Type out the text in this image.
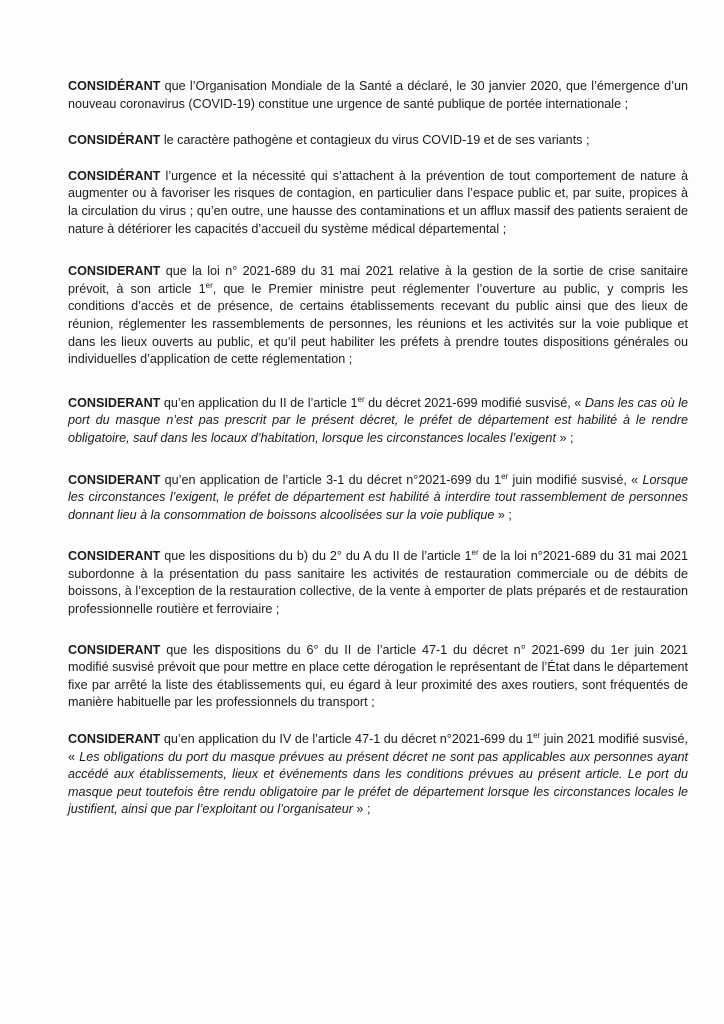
CONSIDÉRANT que l’Organisation Mondiale de la Santé a déclaré, le 30 janvier 2020, que l’émergence d’un nouveau coronavirus (COVID-19) constitue une urgence de santé publique de portée internationale ;

CONSIDÉRANT le caractère pathogène et contagieux du virus COVID-19 et de ses variants ;

CONSIDÉRANT l’urgence et la nécessité qui s’attachent à la prévention de tout comportement de nature à augmenter ou à favoriser les risques de contagion, en particulier dans l’espace public et, par suite, propices à la circulation du virus ; qu’en outre, une hausse des contaminations et un afflux massif des patients seraient de nature à détériorer les capacités d’accueil du système médical départemental ;

CONSIDERANT que la loi n° 2021-689 du 31 mai 2021 relative à la gestion de la sortie de crise sanitaire prévoit, à son article 1er, que le Premier ministre peut réglementer l’ouverture au public, y compris les conditions d’accès et de présence, de certains établissements recevant du public ainsi que des lieux de réunion, réglementer les rassemblements de personnes, les réunions et les activités sur la voie publique et dans les lieux ouverts au public, et qu’il peut habiliter les préfets à prendre toutes dispositions générales ou individuelles d’application de cette réglementation ;

CONSIDERANT qu’en application du II de l’article 1er du décret 2021-699 modifié susvisé, « Dans les cas où le port du masque n’est pas prescrit par le présent décret, le préfet de département est habilité à le rendre obligatoire, sauf dans les locaux d’habitation, lorsque les circonstances locales l’exigent » ;

CONSIDERANT qu’en application de l’article 3-1 du décret n°2021-699 du 1er juin modifié susvisé, « Lorsque les circonstances l’exigent, le préfet de département est habilité à interdire tout rassemblement de personnes donnant lieu à la consommation de boissons alcoolisées sur la voie publique » ;

CONSIDERANT que les dispositions du b) du 2° du A du II de l’article 1er de la loi n°2021-689 du 31 mai 2021 subordonne à la présentation du pass sanitaire les activités de restauration commerciale ou de débits de boissons, à l’exception de la restauration collective, de la vente à emporter de plats préparés et de restauration professionnelle routière et ferroviaire ;

CONSIDERANT que les dispositions du 6° du II de l’article 47-1 du décret n° 2021-699 du 1er juin 2021 modifié susvisé prévoit que pour mettre en place cette dérogation le représentant de l’État dans le département fixe par arrêté la liste des établissements qui, eu égard à leur proximité des axes routiers, sont fréquentés de manière habituelle par les professionnels du transport ;

CONSIDERANT qu’en application du IV de l’article 47-1 du décret n°2021-699 du 1er juin 2021 modifié susvisé, « Les obligations du port du masque prévues au présent décret ne sont pas applicables aux personnes ayant accédé aux établissements, lieux et événements dans les conditions prévues au présent article. Le port du masque peut toutefois être rendu obligatoire par le préfet de département lorsque les circonstances locales le justifient, ainsi que par l’exploitant ou l’organisateur » ;
